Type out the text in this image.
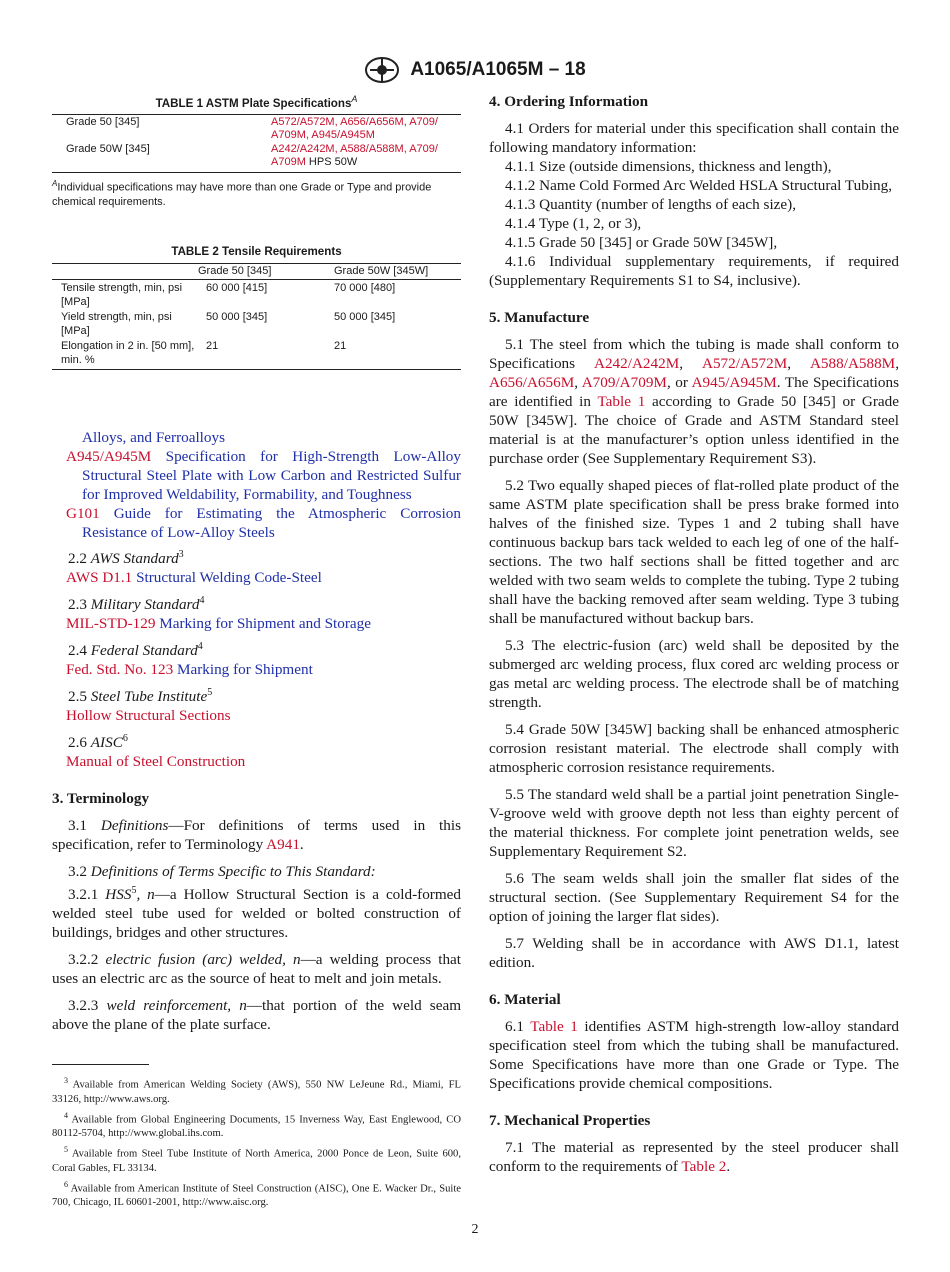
A1065/A1065M – 18

TABLE 1 ASTM Plate Specifications$^A$

Grade 50 [345]	A572/A572M, A656/A656M, A709/
A709M, A945/A945M
Grade 50W [345]	A242/A242M, A588/A588M, A709/
A709M HPS 50W

$^A$Individual specifications may have more than one Grade or Type and provide chemical requirements.

TABLE 2 Tensile Requirements

	Grade 50 [345]	Grade 50W [345W]
Tensile strength, min, psi [MPa]	60 000 [415]	70 000 [480]
Yield strength, min, psi [MPa]	50 000 [345]	50 000 [345]
Elongation in 2 in. [50 mm], min. %	21	21

Alloys, and Ferroalloys

A945/A945M Specification for High-Strength Low-Alloy Structural Steel Plate with Low Carbon and Restricted Sulfur for Improved Weldability, Formability, and Toughness

G101 Guide for Estimating the Atmospheric Corrosion Resistance of Low-Alloy Steels

2.2 AWS Standard$^3$

AWS D1.1 Structural Welding Code-Steel

2.3 Military Standard$^4$

MIL-STD-129 Marking for Shipment and Storage

2.4 Federal Standard$^4$

Fed. Std. No. 123 Marking for Shipment

2.5 Steel Tube Institute$^5$

Hollow Structural Sections

2.6 AISC$^6$

Manual of Steel Construction

3. Terminology

3.1 Definitions—For definitions of terms used in this specification, refer to Terminology A941.

3.2 Definitions of Terms Specific to This Standard:

3.2.1 HSS$^5$, n—a Hollow Structural Section is a cold-formed welded steel tube used for welded or bolted construction of buildings, bridges and other structures.

3.2.2 electric fusion (arc) welded, n—a welding process that uses an electric arc as the source of heat to melt and join metals.

3.2.3 weld reinforcement, n—that portion of the weld seam above the plane of the plate surface.

$^3$ Available from American Welding Society (AWS), 550 NW LeJeune Rd., Miami, FL 33126, http://www.aws.org.

$^4$ Available from Global Engineering Documents, 15 Inverness Way, East Englewood, CO 80112-5704, http://www.global.ihs.com.

$^5$ Available from Steel Tube Institute of North America, 2000 Ponce de Leon, Suite 600, Coral Gables, FL 33134.

$^6$ Available from American Institute of Steel Construction (AISC), One E. Wacker Dr., Suite 700, Chicago, IL 60601-2001, http://www.aisc.org.

4. Ordering Information

4.1 Orders for material under this specification shall contain the following mandatory information:

4.1.1 Size (outside dimensions, thickness and length),

4.1.2 Name Cold Formed Arc Welded HSLA Structural Tubing,

4.1.3 Quantity (number of lengths of each size),

4.1.4 Type (1, 2, or 3),

4.1.5 Grade 50 [345] or Grade 50W [345W],

4.1.6 Individual supplementary requirements, if required (Supplementary Requirements S1 to S4, inclusive).

5. Manufacture

5.1 The steel from which the tubing is made shall conform to Specifications A242/A242M, A572/A572M, A588/A588M, A656/A656M, A709/A709M, or A945/A945M. The Specifications are identified in Table 1 according to Grade 50 [345] or Grade 50W [345W]. The choice of Grade and ASTM Standard steel material is at the manufacturer’s option unless identified in the purchase order (See Supplementary Requirement S3).

5.2 Two equally shaped pieces of flat-rolled plate product of the same ASTM plate specification shall be press brake formed into halves of the finished size. Types 1 and 2 tubing shall have continuous backup bars tack welded to each leg of one of the half-sections. The two half sections shall be fitted together and arc welded with two seam welds to complete the tubing. Type 2 tubing shall have the backing removed after seam welding. Type 3 tubing shall be manufactured without backup bars.

5.3 The electric-fusion (arc) weld shall be deposited by the submerged arc welding process, flux cored arc welding process or gas metal arc welding process. The electrode shall be of matching strength.

5.4 Grade 50W [345W] backing shall be enhanced atmospheric corrosion resistant material. The electrode shall comply with atmospheric corrosion resistance requirements.

5.5 The standard weld shall be a partial joint penetration Single-V-groove weld with groove depth not less than eighty percent of the material thickness. For complete joint penetration welds, see Supplementary Requirement S2.

5.6 The seam welds shall join the smaller flat sides of the structural section. (See Supplementary Requirement S4 for the option of joining the larger flat sides).

5.7 Welding shall be in accordance with AWS D1.1, latest edition.

6. Material

6.1 Table 1 identifies ASTM high-strength low-alloy standard specification steel from which the tubing shall be manufactured. Some Specifications have more than one Grade or Type. The Specifications provide chemical compositions.

7. Mechanical Properties

7.1 The material as represented by the steel producer shall conform to the requirements of Table 2.

2
